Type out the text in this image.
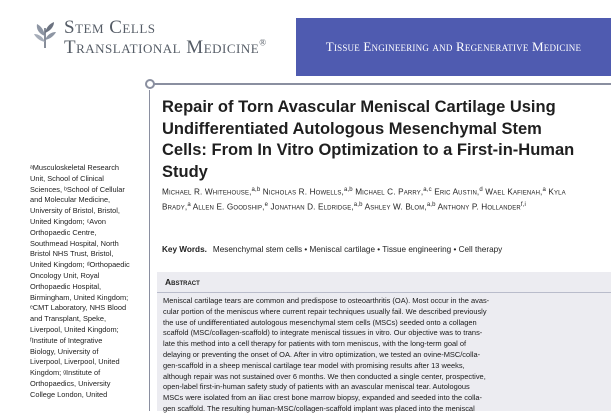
Stem Cells
Translational Medicine®	Tissue Engineering and Regenerative Medicine
Repair of Torn Avascular Meniscal Cartilage Using Undifferentiated Autologous Mesenchymal Stem Cells: From In Vitro Optimization to a First-in-Human Study
Michael R. Whitehouse,$^{a,b}$ Nicholas R. Howells,$^{a,b}$ Michael C. Parry,$^{a,c}$ Eric Austin,$^d$ Wael Kafienah,$^a$ Kyla Brady,$^a$ Allen E. Goodship,$^e$ Jonathan D. Eldridge,$^{a,b}$ Ashley W. Blom,$^{a,b}$ Anthony P. Hollander$^{f,i}$
Key Words. Mesenchymal stem cells • Meniscal cartilage • Tissue engineering • Cell therapy
Abstract
Meniscal cartilage tears are common and predispose to osteoarthritis (OA). Most occur in the avas-
cular portion of the meniscus where current repair techniques usually fail. We described previously
the use of undifferentiated autologous mesenchymal stem cells (MSCs) seeded onto a collagen
scaffold (MSC/collagen-scaffold) to integrate meniscal tissues in vitro. Our objective was to trans-
late this method into a cell therapy for patients with torn meniscus, with the long-term goal of
delaying or preventing the onset of OA. After in vitro optimization, we tested an ovine-MSC/colla-
gen-scaffold in a sheep meniscal cartilage tear model with promising results after 13 weeks,
although repair was not sustained over 6 months. We then conducted a single center, prospective,
open-label first-in-human safety study of patients with an avascular meniscal tear. Autologous
MSCs were isolated from an iliac crest bone marrow biopsy, expanded and seeded into the colla-
gen scaffold. The resulting human-MSC/collagen-scaffold implant was placed into the meniscal
ᵃMusculoskeletal Research
Unit, School of Clinical
Sciences, ᵇSchool of Cellular
and Molecular Medicine,
University of Bristol, Bristol,
United Kingdom; ᶜAvon
Orthopaedic Centre,
Southmead Hospital, North
Bristol NHS Trust, Bristol,
United Kingdom; ᵈOrthopaedic
Oncology Unit, Royal
Orthopaedic Hospital,
Birmingham, United Kingdom;
ᵉCMT Laboratory, NHS Blood
and Transplant, Speke,
Liverpool, United Kingdom;
ᶠInstitute of Integrative
Biology, University of
Liverpool, Liverpool, United
Kingdom; ᵍInstitute of
Orthopaedics, University
College London, United
